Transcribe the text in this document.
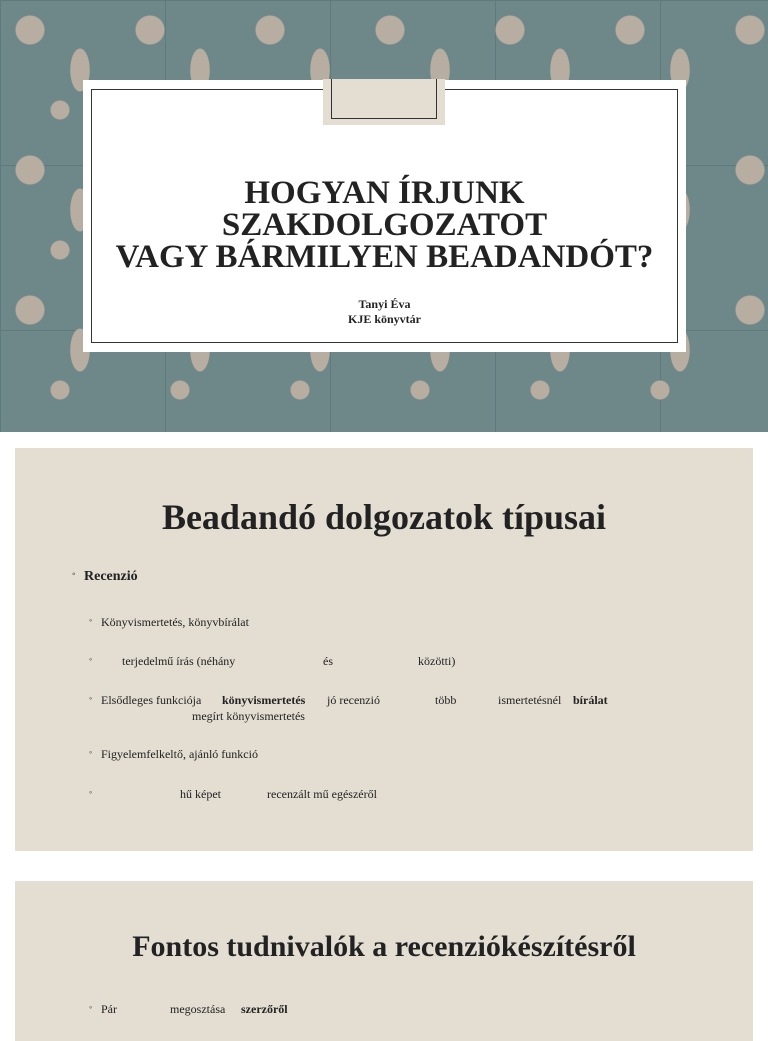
HOGYAN ÍRJUNK SZAKDOLGOZATOT
VAGY BÁRMILYEN BEADANDÓT?
Tanyi Éva
KJE könyvtár
Beadandó dolgozatok típusai
◦ Recenzió
◦ Könyvismertetés, könyvbírálat
◦ terjedelmű írás (néhány	és	közötti)
◦ Elsődleges funkciója könyvismertetés jó recenzió	több	ismertetésnél bírálat
megírt könyvismertetés
◦ Figyelemfelkeltő, ajánló funkció
◦	hű képet	recenzált mű egészéről
Fontos tudnivalók a recenziókészítésről
◦ Pár	megosztása szerzőről
